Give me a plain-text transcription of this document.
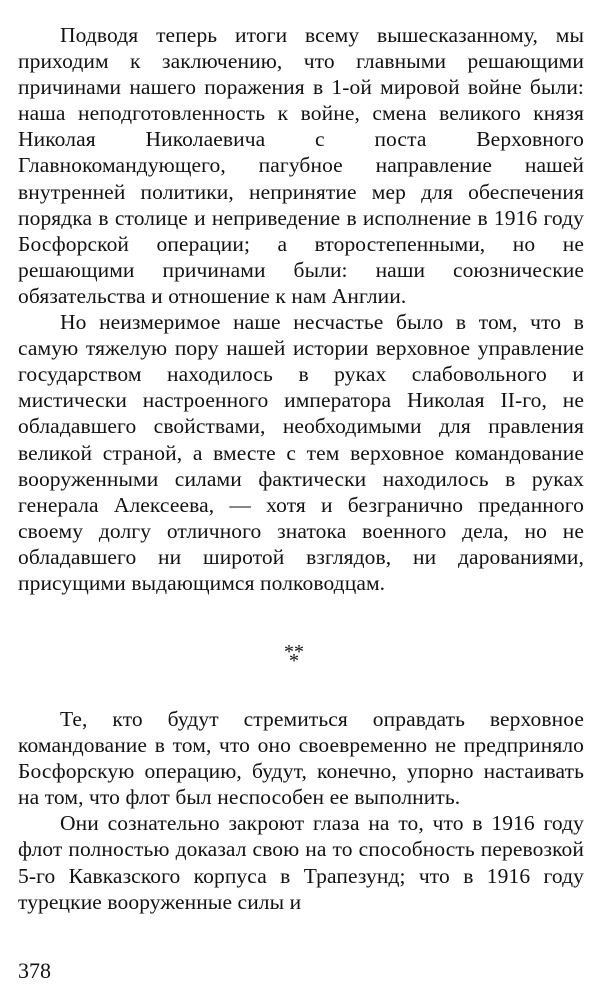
Подводя теперь итоги всему вышесказанному, мы приходим к заключению, что главными решающими причинами нашего поражения в 1-ой мировой войне были: наша неподготовленность к войне, смена великого князя Николая Николаевича с поста Верховного Главнокомандующего, пагубное направление нашей внутренней политики, непринятие мер для обеспечения порядка в столице и неприведение в исполнение в 1916 году Босфорской операции; а второстепенными, но не решающими причинами были: наши союзнические обязательства и отношение к нам Англии.

Но неизмеримое наше несчастье было в том, что в самую тяжелую пору нашей истории верховное управление государством находилось в руках слабовольного и мистически настроенного императора Николая II-го, не обладавшего свойствами, необходимыми для правления великой страной, а вместе с тем верховное командование вооруженными силами фактически находилось в руках генерала Алексеева, — хотя и безгранично преданного своему долгу отличного знатока военного дела, но не обладавшего ни широтой взглядов, ни дарованиями, присущими выдающимся полководцам.

* *
*

Те, кто будут стремиться оправдать верховное командование в том, что оно своевременно не предприняло Босфорскую операцию, будут, конечно, упорно настаивать на том, что флот был неспособен ее выполнить.

Они сознательно закроют глаза на то, что в 1916 году флот полностью доказал свою на то способность перевозкой 5-го Кавказского корпуса в Трапезунд; что в 1916 году турецкие вооруженные силы и

378
